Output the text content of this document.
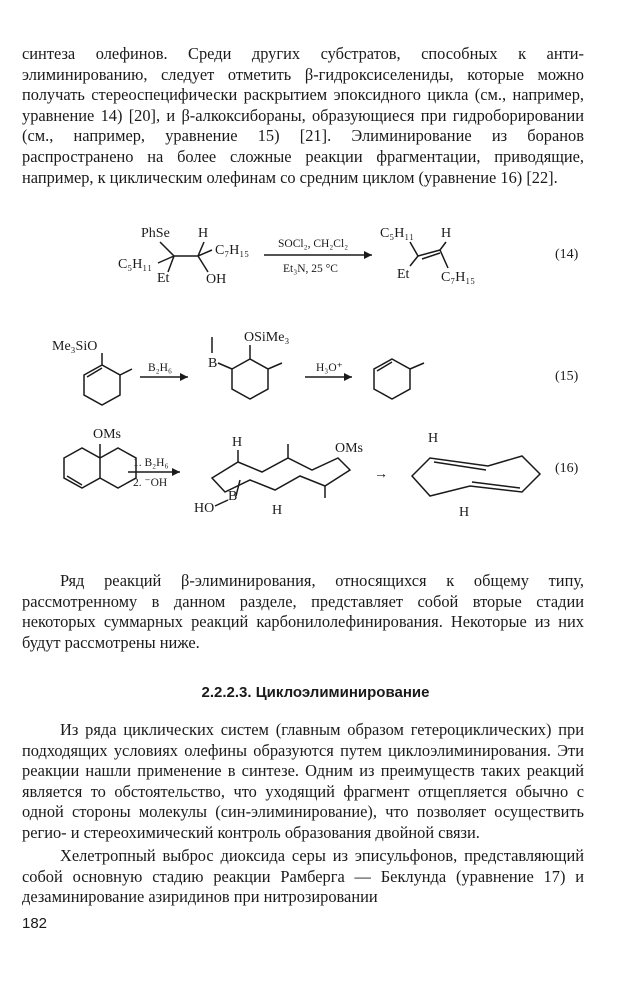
синтеза олефинов. Среди других субстратов, способных к анти-элиминированию, следует отметить β-гидроксиселениды, которые можно получать стереоспецифически раскрытием эпоксидного цикла (см., например, уравнение 14) [20], и β-алкоксибораны, образующиеся при гидроборировании (см., например, уравнение 15) [21]. Элиминирование из боранов распространено на более сложные реакции фрагментации, приводящие, например, к циклическим олефинам со средним циклом (уравнение 16) [22].

PhSe H
C₇H₁₅
C₅H₁₁
Et	OH
SOCl₂, CH₂Cl₂
Et₃N, 25 °C
C₅H₁₁ H
Et C₇H₁₅
(14)
Me₃SiO
B₂H₆	B
OSiMe₃
H₃O⁺
(15)
OMs
1. B₂H₆
2. ⁻OH
H	OMs
HO
B
H
→
H
H
(16)

Ряд реакций β-элиминирования, относящихся к общему типу, рассмотренному в данном разделе, представляет собой вторые стадии некоторых суммарных реакций карбонилолефинирования. Некоторые из них будут рассмотрены ниже.

2.2.2.3. Циклоэлиминирование

Из ряда циклических систем (главным образом гетероциклических) при подходящих условиях олефины образуются путем циклоэлиминирования. Эти реакции нашли применение в синтезе. Одним из преимуществ таких реакций является то обстоятельство, что уходящий фрагмент отщепляется обычно с одной стороны молекулы (син-элиминирование), что позволяет осуществить регио- и стереохимический контроль образования двойной связи.

Хелетропный выброс диоксида серы из эписульфонов, представляющий собой основную стадию реакции Рамберга — Беклунда (уравнение 17) и дезаминирование азиридинов при нитрозировании

182
